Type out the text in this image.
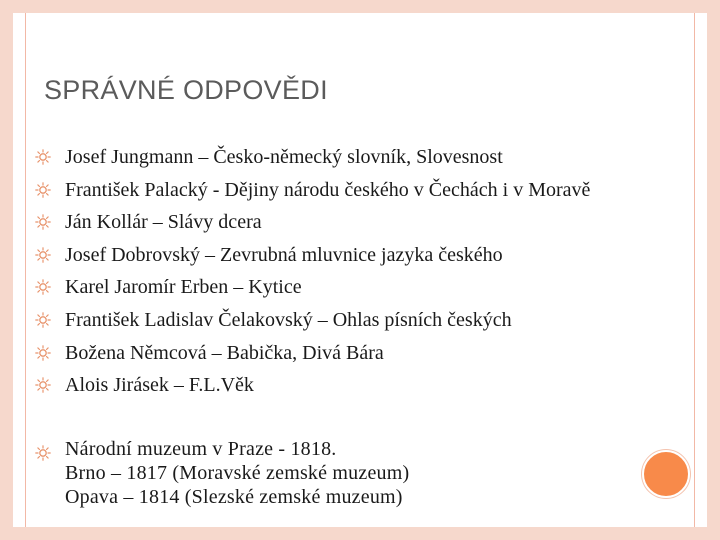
SPRÁVNÉ ODPOVĚDI
Josef Jungmann – Česko-německý slovník, Slovesnost
František Palacký - Dějiny národu českého v Čechách i v Moravě
Ján Kollár – Slávy dcera
Josef Dobrovský – Zevrubná mluvnice jazyka českého
Karel Jaromír Erben – Kytice
František Ladislav Čelakovský – Ohlas písních českých
Božena Němcová – Babička, Divá Bára
Alois Jirásek – F.L.Věk
Národní muzeum v Praze - 1818.
Brno – 1817 (Moravské zemské muzeum)
Opava – 1814 (Slezské zemské muzeum)
